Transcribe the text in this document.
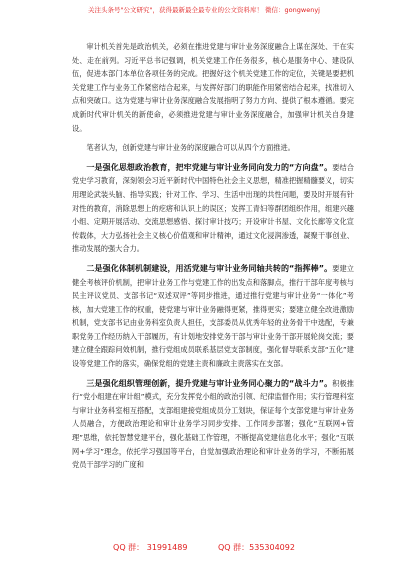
关注头条号"公文研究"，获得最新最全最专业的公文资料库！ 微信：gongwenyj

审计机关首先是政治机关，必须在推进党建与审计业务深度融合上谋在深处、干在实处、走在前列。习近平总书记强调，机关党建工作任务很多，核心是服务中心、建设队伍，促进本部门本单位各项任务的完成。把握好这个机关党建工作的定位，关键是要把机关党建工作与业务工作紧密结合起来，与发挥好部门的职能作用紧密结合起来，找准切入点和突破口。这为党建与审计业务深度融合发展指明了努力方向、提供了根本遵循。要完成新时代审计机关的新使命，必须推进党建与审计业务深度融合，加强审计机关自身建设。

笔者认为，创新党建与审计业务的深度融合可以从四个方面推进。

一是强化思想政治教育，把牢党建与审计业务同向发力的“方向盘”。要结合党史学习教育，深刻领会习近平新时代中国特色社会主义思想，精准把握精髓要义，切实用理论武装头脑、指导实践；针对工作、学习、生活中出现的共性问题，要及时开展有针对性的教育，消除思想上的疙瘩和认识上的误区；发挥工青妇等群团组织作用，组建兴趣小组、定期开展活动、交流思想感悟、探讨审计技巧；开设审计书屋、文化长廊等文化宣传载体，大力弘扬社会主义核心价值观和审计精神，通过文化浸润渗透，凝聚干事创业、推动发展的强大合力。

二是强化体制机制建设，用活党建与审计业务同轴共转的“指挥棒”。要建立健全考核评价机制，把审计业务工作与党建工作的出发点和落脚点，推行干部年度考核与民主评议党员、支部书记“双述双评”等同步推进，通过推行党建与审计业务“一体化”考核，加大党建工作的权重，使党建与审计业务融得更紧，推得更实；要建立健全改进激励机制，党支部书记由业务科室负责人担任，支部委员从优秀年轻的业务骨干中选配，专兼职党务工作经历纳入干部履历，有计划地安排党务干部与审计业务干部开展轮岗交流；要建立健全跟踪问效机制，推行党组成员联系基层党支部制度，强化督导联系支部“五化”建设等党建工作的落实，确保党组的党建主责和廉政主责落实在支部。

三是强化组织管理创新，提升党建与审计业务同心聚力的“战斗力”。积极推行“党小组建在审计组”模式，充分发挥党小组的政治引领、纪律监督作用；实行管理科室与审计业务科室相互搭配，支部组建接党组成员分工划块，保证每个支部党建与审计业务人员融合，方便政治理论和审计业务学习同步安排、工作同步部署；强化“互联网+管理”思维，依托智慧党建平台，强化基础工作管理，不断提高党建信息化水平；强化“互联网+学习”理念，依托学习强国等平台，自觉加强政治理论和审计业务的学习，不断拓展党员干部学习的广度和

QQ 群： 31991489	QQ 群：535304092
